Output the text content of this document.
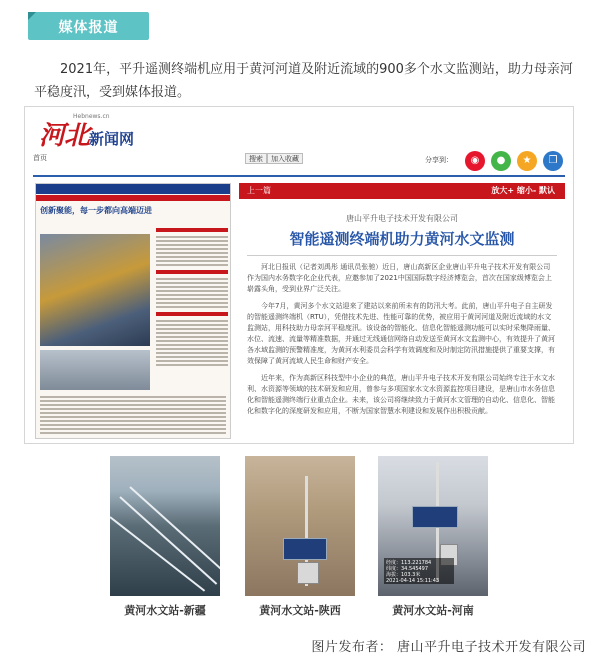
媒体报道

2021年，平升遥测终端机应用于黄河河道及附近流域的900多个水文监测站，助力母亲河平稳度汛，受到媒体报道。

Hebnews.cn
河北新闻网
首页	搜索	加入收藏	分享到：	◉	●	★	❐
创新聚能，每一步都向高端迈进
上一篇	放大+ 缩小- 默认
唐山平升电子技术开发有限公司
智能遥测终端机助力黄河水文监测

河北日报讯（记者刘禹彤 通讯员张驰）近日，唐山高新区企业唐山平升电子技术开发有限公司作为国内水务数字化企业代表，应邀参加了2021中国国际数字经济博览会，首次在国家级博览会上崭露头角，受到业界广泛关注。

今年7月，黄河多个水文站迎来了建站以来前所未有的防汛大考。此前，唐山平升电子自主研发的智能遥测终端机（RTU），凭借技术先进、性能可靠的优势，被应用于黄河河道及附近流域的水文监测站，用科技助力母亲河平稳度汛。该设备的智能化、信息化智能遥测功能可以实时采集降雨量、水位、流速、流量等精准数据，并通过无线通信网络自动发送至黄河水文监测中心，有效提升了黄河各水域监测的预警精准度，为黄河水利委员会科学有效调度和及时制定防汛措施提供了重要支撑，有效保障了黄河流域人民生命和财产安全。

近年来，作为高新区科技型中小企业的典范，唐山平升电子技术开发有限公司始终专注于水文水利、水资源等领域的技术研发和应用，曾参与多项国家水文水资源监控项目建设，是唐山市水务信息化和智能遥测终端行业重点企业。未来，该公司将继续致力于黄河水文管理的自动化、信息化、智能化和数字化的深度研发和应用，不断为国家智慧水利建设和发展作出积极贡献。

经度：113.221784
纬度：34.545497
海拔：103.3米
2021-04-14 15:11:43
黄河水文站-新疆	黄河水文站-陕西	黄河水文站-河南
图片发布者： 唐山平升电子技术开发有限公司
